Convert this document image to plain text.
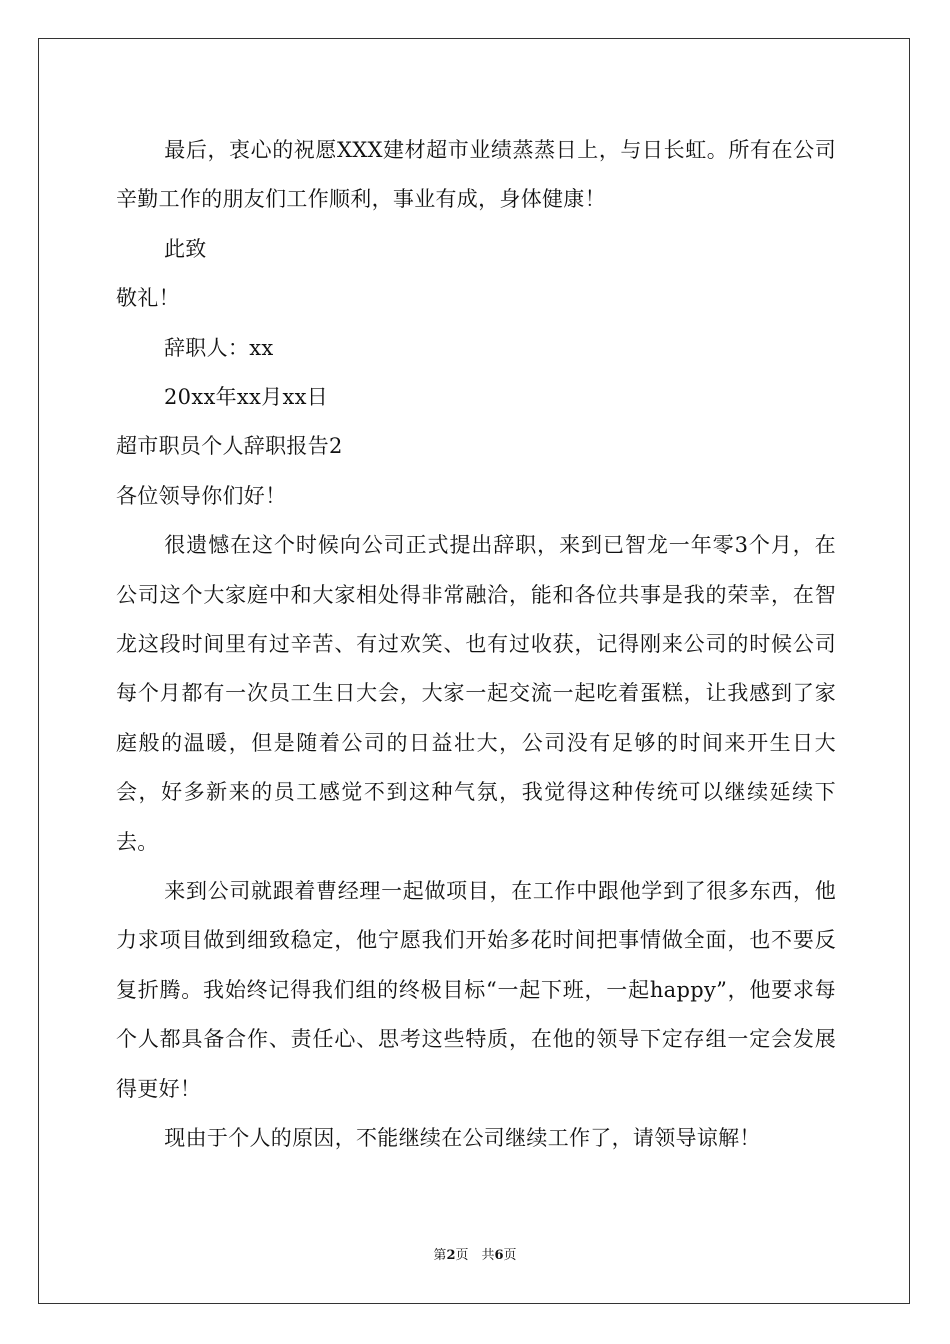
最后，衷心的祝愿XXX建材超市业绩蒸蒸日上，与日长虹。所有在公司辛勤工作的朋友们工作顺利，事业有成，身体健康！

此致
敬礼！
辞职人：xx
20xx年xx月xx日
超市职员个人辞职报告2
各位领导你们好！

很遗憾在这个时候向公司正式提出辞职，来到已智龙一年零3个月，在公司这个大家庭中和大家相处得非常融洽，能和各位共事是我的荣幸，在智龙这段时间里有过辛苦、有过欢笑、也有过收获，记得刚来公司的时候公司每个月都有一次员工生日大会，大家一起交流一起吃着蛋糕，让我感到了家庭般的温暖，但是随着公司的日益壮大，公司没有足够的时间来开生日大会，好多新来的员工感觉不到这种气氛，我觉得这种传统可以继续延续下去。

来到公司就跟着曹经理一起做项目，在工作中跟他学到了很多东西，他力求项目做到细致稳定，他宁愿我们开始多花时间把事情做全面，也不要反复折腾。我始终记得我们组的终极目标“一起下班，一起happy”，他要求每个人都具备合作、责任心、思考这些特质，在他的领导下定存组一定会发展得更好！

现由于个人的原因，不能继续在公司继续工作了，请领导谅解！

第2页　共6页
